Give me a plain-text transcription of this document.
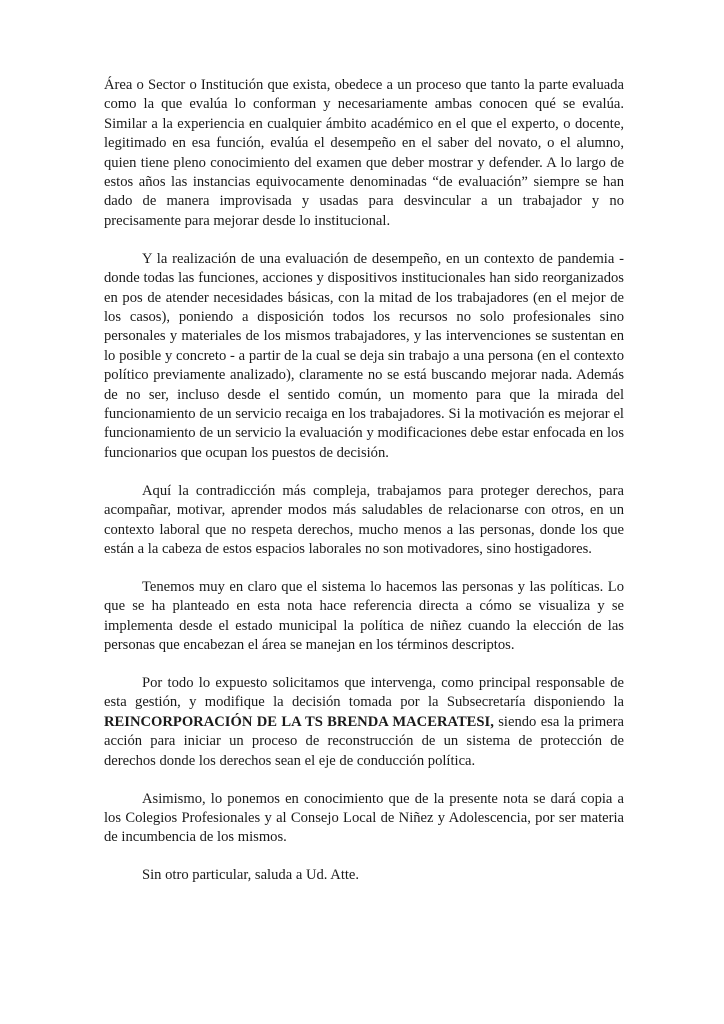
Área o Sector o Institución que exista, obedece a un proceso que tanto la parte evaluada como la que evalúa lo conforman y necesariamente ambas conocen qué se evalúa. Similar a la experiencia en cualquier ámbito académico en el que el experto, o docente, legitimado en esa función, evalúa el desempeño en el saber del novato, o el alumno, quien tiene pleno conocimiento del examen que deber mostrar y defender. A lo largo de estos años las instancias equivocamente denominadas “de evaluación” siempre se han dado de manera improvisada y usadas para desvincular a un trabajador y no precisamente para mejorar desde lo institucional.

Y la realización de una evaluación de desempeño, en un contexto de pandemia - donde todas las funciones, acciones y dispositivos institucionales han sido reorganizados en pos de atender necesidades básicas, con la mitad de los trabajadores (en el mejor de los casos), poniendo a disposición todos los recursos no solo profesionales sino personales y materiales de los mismos trabajadores, y las intervenciones se sustentan en lo posible y concreto - a partir de la cual se deja sin trabajo a una persona (en el contexto político previamente analizado), claramente no se está buscando mejorar nada. Además de no ser, incluso desde el sentido común, un momento para que la mirada del funcionamiento de un servicio recaiga en los trabajadores. Si la motivación es mejorar el funcionamiento de un servicio la evaluación y modificaciones debe estar enfocada en los funcionarios que ocupan los puestos de decisión.

Aquí la contradicción más compleja, trabajamos para proteger derechos, para acompañar, motivar, aprender modos más saludables de relacionarse con otros, en un contexto laboral que no respeta derechos, mucho menos a las personas, donde los que están a la cabeza de estos espacios laborales no son motivadores, sino hostigadores.

Tenemos muy en claro que el sistema lo hacemos las personas y las políticas. Lo que se ha planteado en esta nota hace referencia directa a cómo se visualiza y se implementa desde el estado municipal la política de niñez cuando la elección de las personas que encabezan el área se manejan en los términos descriptos.

Por todo lo expuesto solicitamos que intervenga, como principal responsable de esta gestión, y modifique la decisión tomada por la Subsecretaría disponiendo la REINCORPORACIÓN DE LA TS BRENDA MACERATESI, siendo esa la primera acción para iniciar un proceso de reconstrucción de un sistema de protección de derechos donde los derechos sean el eje de conducción política.

Asimismo, lo ponemos en conocimiento que de la presente nota se dará copia a los Colegios Profesionales y al Consejo Local de Niñez y Adolescencia, por ser materia de incumbencia de los mismos.

Sin otro particular, saluda a Ud. Atte.
